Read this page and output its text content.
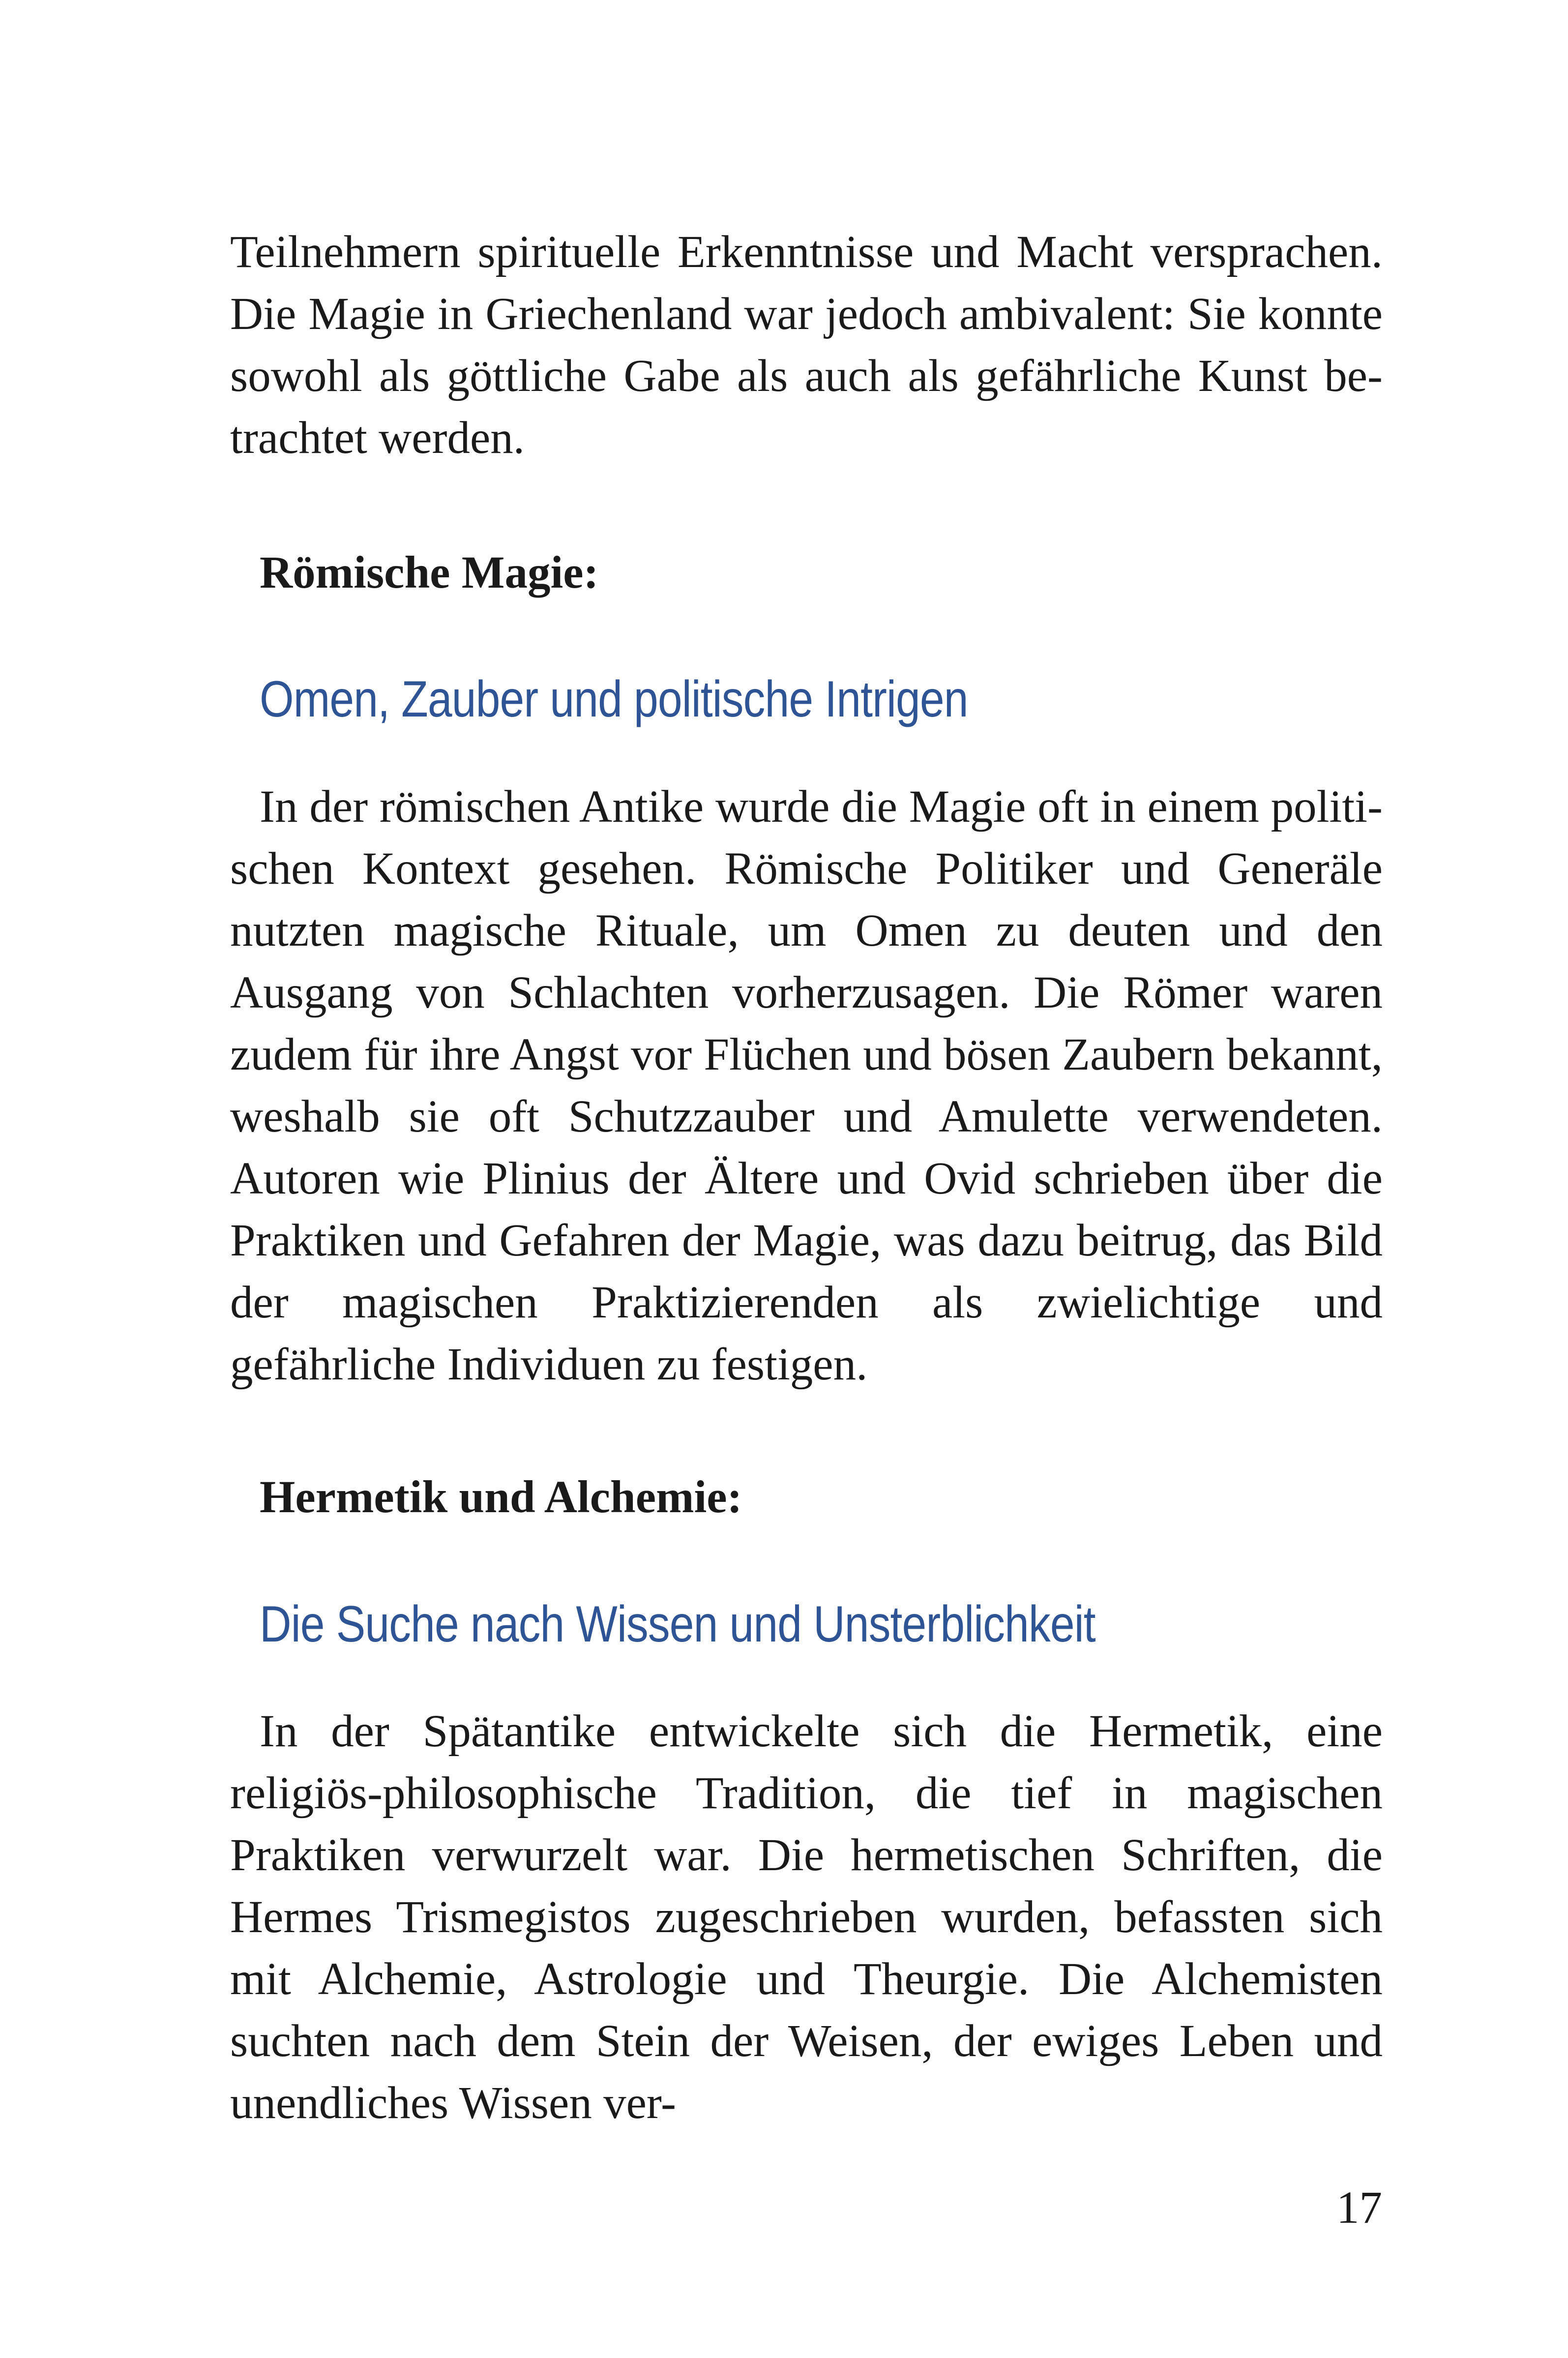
Teilnehmern spirituelle Erkenntnisse und Macht versprachen. Die Magie in Griechenland war jedoch ambivalent: Sie konnte sowohl als göttliche Gabe als auch als gefährliche Kunst betrachtet werden.

Römische Magie:
Omen, Zauber und politische Intrigen

In der römischen Antike wurde die Magie oft in einem politischen Kontext gesehen. Römische Politiker und Generäle nutzten magische Rituale, um Omen zu deuten und den Ausgang von Schlachten vorherzusagen. Die Römer waren zudem für ihre Angst vor Flüchen und bösen Zaubern bekannt, weshalb sie oft Schutzzauber und Amulette verwendeten. Autoren wie Plinius der Ältere und Ovid schrieben über die Praktiken und Gefahren der Magie, was dazu beitrug, das Bild der magischen Praktizierenden als zwielichtige und gefährliche Individuen zu festigen.

Hermetik und Alchemie:
Die Suche nach Wissen und Unsterblichkeit

In der Spätantike entwickelte sich die Hermetik, eine religiös-philosophische Tradition, die tief in magischen Praktiken verwurzelt war. Die hermetischen Schriften, die Hermes Trismegistos zugeschrieben wurden, befassten sich mit Alchemie, Astrologie und Theurgie. Die Alchemisten suchten nach dem Stein der Weisen, der ewiges Leben und unendliches Wissen ver-

17
